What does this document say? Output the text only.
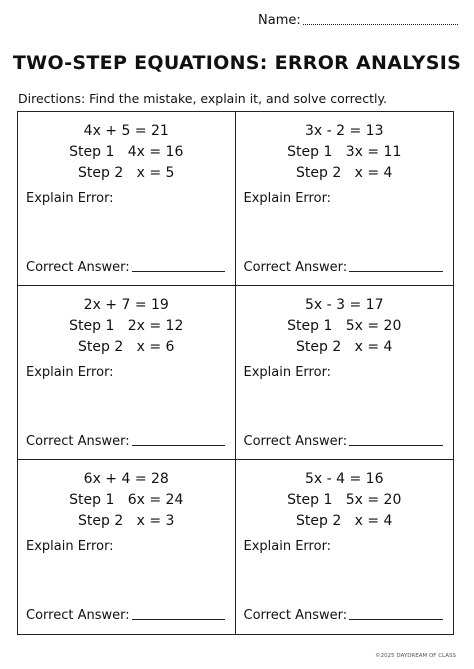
Name:
TWO-STEP EQUATIONS: ERROR ANALYSIS
Directions: Find the mistake, explain it, and solve correctly.
4x + 5 = 21
Step 1   4x = 16
Step 2   x = 5
Explain Error:
Correct Answer:
3x - 2 = 13
Step 1   3x = 11
Step 2   x = 4
Explain Error:
Correct Answer:
2x + 7 = 19
Step 1   2x = 12
Step 2   x = 6
Explain Error:
Correct Answer:
5x - 3 = 17
Step 1   5x = 20
Step 2   x = 4
Explain Error:
Correct Answer:
6x + 4 = 28
Step 1   6x = 24
Step 2   x = 3
Explain Error:
Correct Answer:
5x - 4 = 16
Step 1   5x = 20
Step 2   x = 4
Explain Error:
Correct Answer:
©2025 DAYDREAM OF CLASS
